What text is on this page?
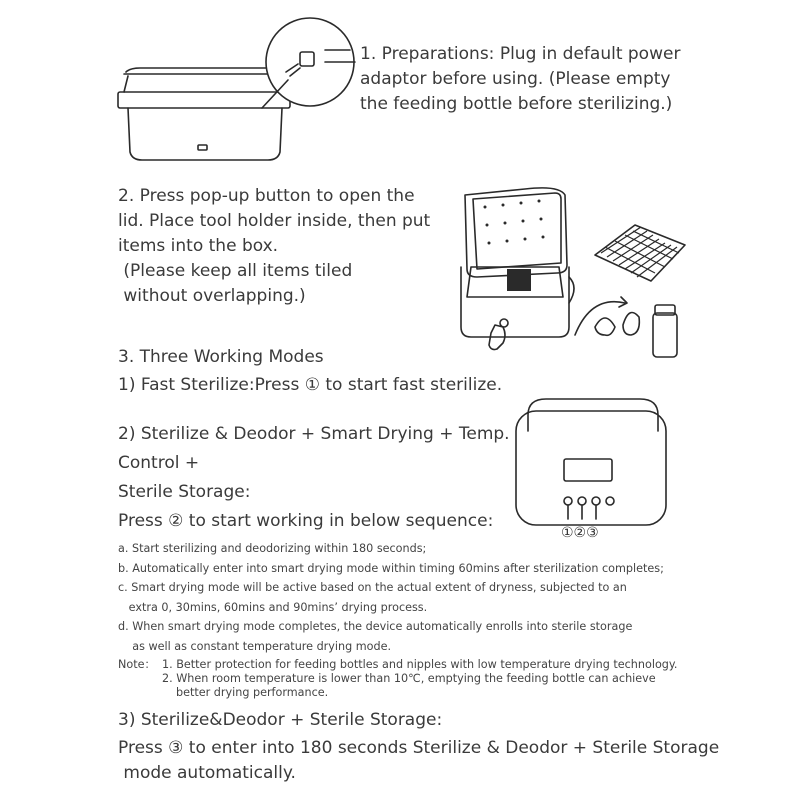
①②③
1. Preparations: Plug in default power
adaptor before using. (Please empty
the feeding bottle before sterilizing.)
2. Press pop-up button to open the
lid. Place tool holder inside, then put
items into the box.
(Please keep all items tiled
without overlapping.)
3. Three Working Modes
1) Fast Sterilize:Press ① to start fast sterilize.
2) Sterilize & Deodor + Smart Drying + Temp.
Control +
Sterile Storage:
Press ② to start working in below sequence:
a. Start sterilizing and deodorizing within 180 seconds;
b. Automatically enter into smart drying mode within timing 60mins after sterilization completes;
c. Smart drying mode will be active based on the actual extent of dryness, subjected to an
extra 0, 30mins, 60mins and 90mins’ drying process.
d. When smart drying mode completes, the device automatically enrolls into sterile storage
as well as constant temperature drying mode.
Note： 1. Better protection for feeding bottles and nipples with low temperature drying technology.
2. When room temperature is lower than 10℃, emptying the feeding bottle can achieve
better drying performance.
3) Sterilize&Deodor + Sterile Storage:
Press ③ to enter into 180 seconds Sterilize & Deodor + Sterile Storage
mode automatically.
